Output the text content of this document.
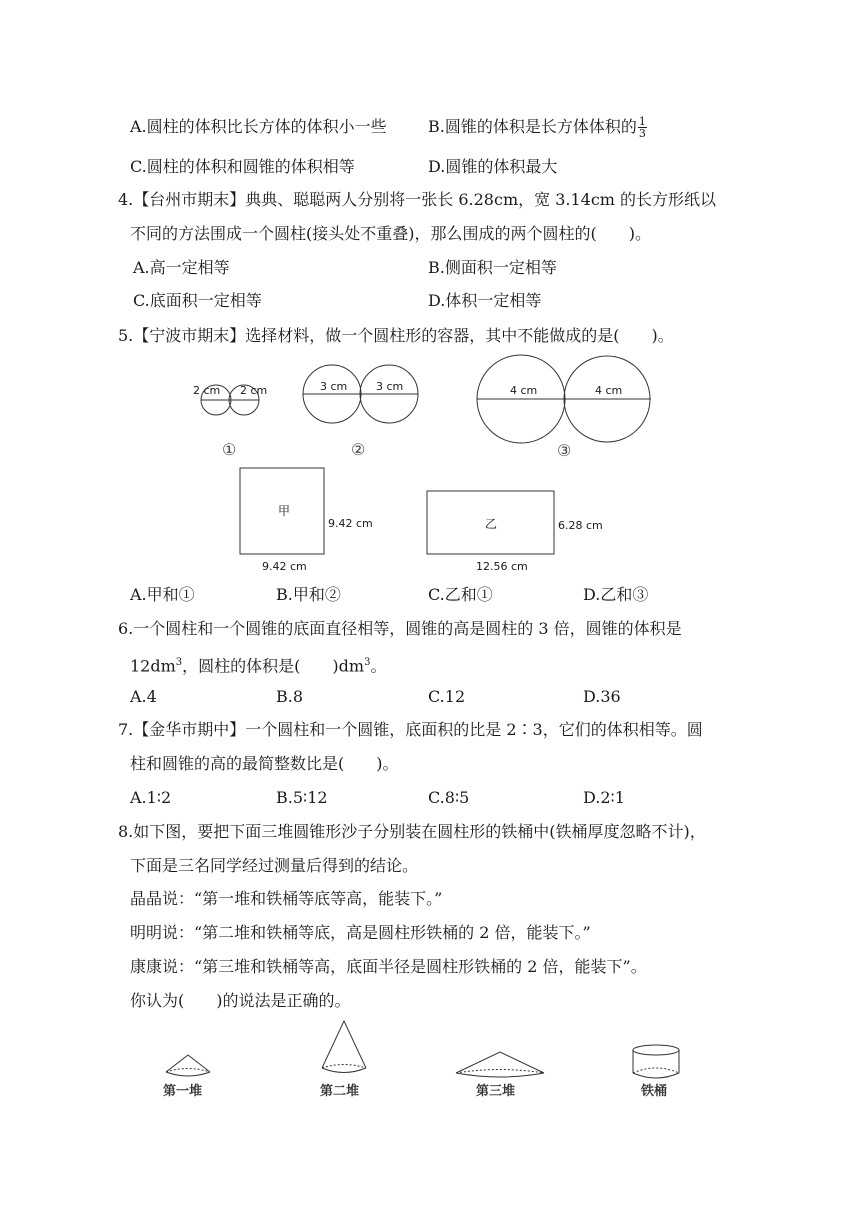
A.圆柱的体积比长方体的体积小一些	B.圆锥的体积是长方体体积的 $\frac{1}{3}$
C.圆柱的体积和圆锥的体积相等	D.圆锥的体积最大
4.【台州市期末】典典、聪聪两人分别将一张长 6.28cm，宽 3.14cm 的长方形纸以
不同的方法围成一个圆柱(接头处不重叠)，那么围成的两个圆柱的(　　)。
A.高一定相等	B.侧面积一定相等
C.底面积一定相等	D.体积一定相等
5.【宁波市期末】选择材料，做一个圆柱形的容器，其中不能做成的是(　　)。
2 cm 2 cm
①
3 cm	3 cm
②
4 cm	4 cm
③
甲
9.42 cm
9.42 cm
乙	6.28 cm
12.56 cm
A.甲和①	B.甲和②	C.乙和①	D.乙和③
6.一个圆柱和一个圆锥的底面直径相等，圆锥的高是圆柱的 3 倍，圆锥的体积是
$12dm^3$，圆柱的体积是(　　)$dm^3$。
A.4	B.8	C.12	D.36
7.【金华市期中】一个圆柱和一个圆锥，底面积的比是 2∶3，它们的体积相等。圆
柱和圆锥的高的最简整数比是(　　)。
A.1∶2	B.5∶12	C.8∶5	D.2∶1
8.如下图，要把下面三堆圆锥形沙子分别装在圆柱形的铁桶中(铁桶厚度忽略不计)，
下面是三名同学经过测量后得到的结论。
晶晶说：“第一堆和铁桶等底等高，能装下。”
明明说：“第二堆和铁桶等底，高是圆柱形铁桶的 2 倍，能装下。”
康康说：“第三堆和铁桶等高，底面半径是圆柱形铁桶的 2 倍，能装下”。
你认为(　　)的说法是正确的。
第一堆	第二堆	第三堆	铁桶
